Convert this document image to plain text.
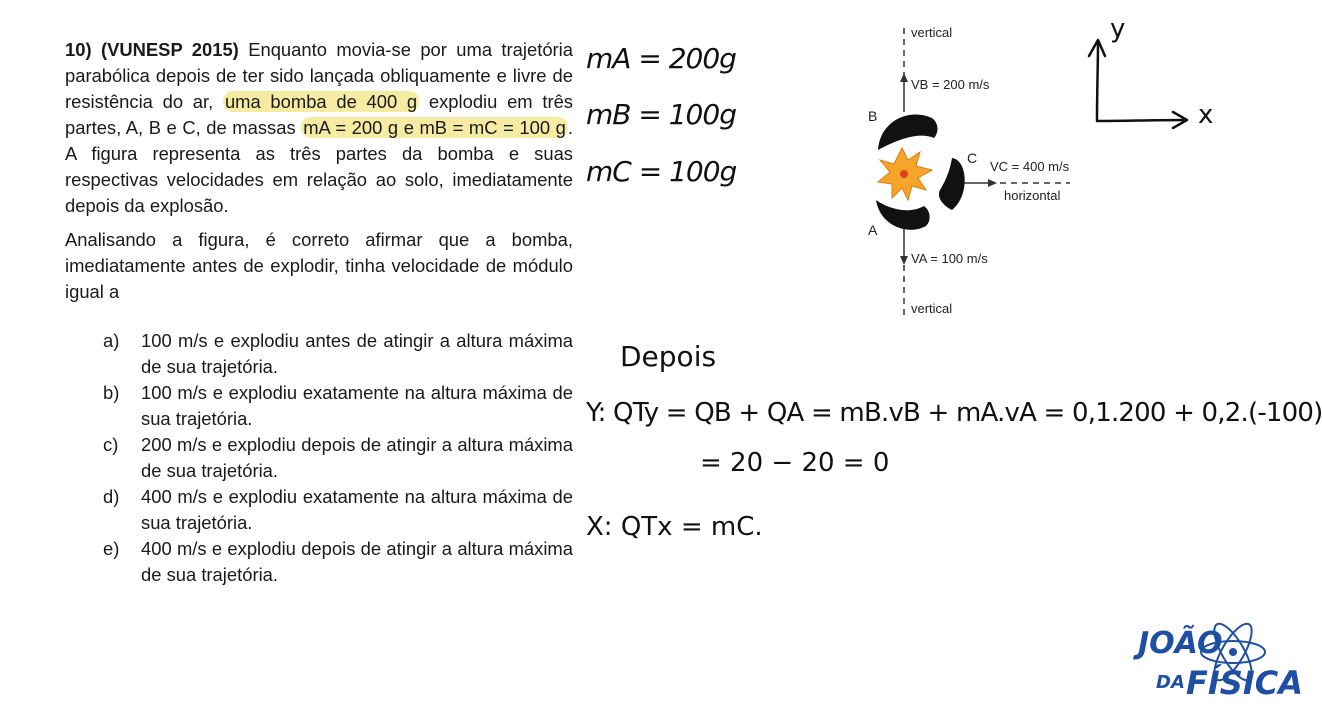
10) (VUNESP 2015) Enquanto movia-se por uma trajetória parabólica depois de ter sido lançada obliquamente e livre de resistência do ar, uma bomba de 400 g explodiu em três partes, A, B e C, de massas mA = 200 g e mB = mC = 100 g . A figura representa as três partes da bomba e suas respectivas velocidades em relação ao solo, imediatamente depois da explosão.

Analisando a figura, é correto afirmar que a bomba, imediatamente antes de explodir, tinha velocidade de módulo igual a

a)	100 m/s e explodiu antes de atingir a altura máxima de sua trajetória.
b)	100 m/s e explodiu exatamente na altura máxima de sua trajetória.
c)	200 m/s e explodiu depois de atingir a altura máxima de sua trajetória.
d)	400 m/s e explodiu exatamente na altura máxima de sua trajetória.
e)	400 m/s e explodiu depois de atingir a altura máxima de sua trajetória.
mA = 200g
mB = 100g
mC = 100g
vertical
VB = 200 m/s
VC = 400 m/s
horizontal
VA = 100 m/s
vertical
B
C
A
y
x
Depois
Y: QTy = QB + QA = mB.vB + mA.vA = 0,1.200 + 0,2.(-100)
= 20 − 20 = 0
X: QTx = mC.
JOÃO
DA FÍSICA
